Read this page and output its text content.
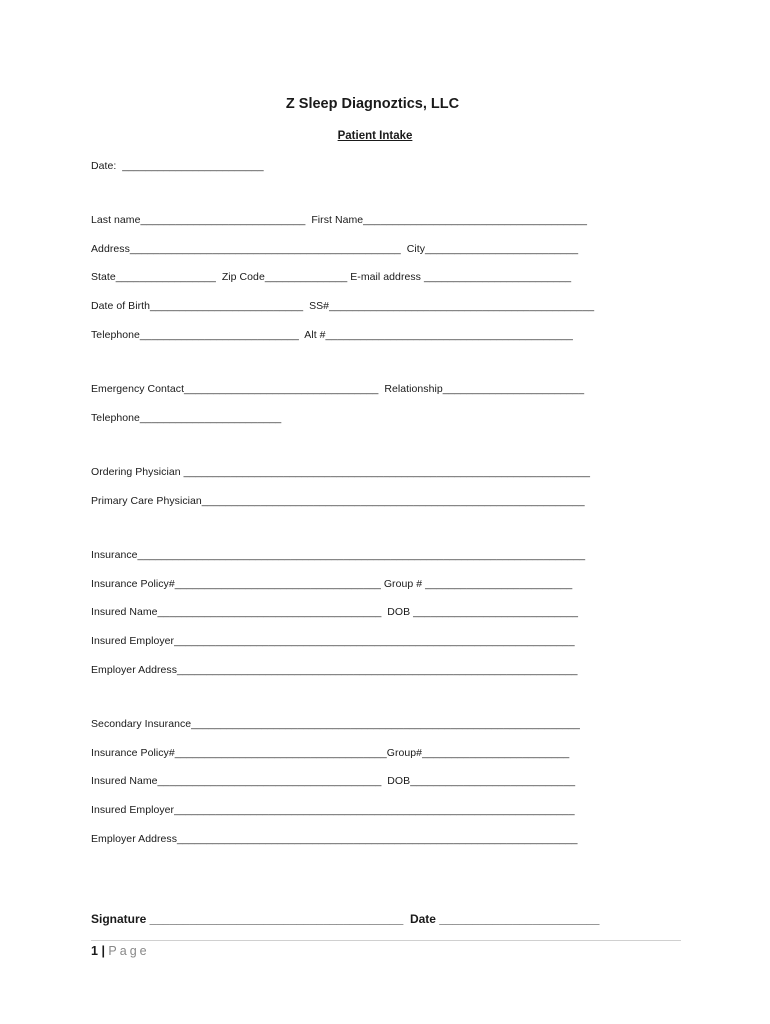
Z Sleep Diagnoztics, LLC
Patient Intake
Date:  ________________________
Last name____________________________  First Name______________________________________
Address______________________________________________  City__________________________
State_________________  Zip Code______________ E-mail address _________________________
Date of Birth__________________________  SS#_____________________________________________
Telephone___________________________  Alt #__________________________________________
Emergency Contact_________________________________  Relationship________________________
Telephone________________________
Ordering Physician _____________________________________________________________________
Primary Care Physician_________________________________________________________________
Insurance____________________________________________________________________________
Insurance Policy#___________________________________ Group # _________________________
Insured Name______________________________________  DOB ____________________________
Insured Employer____________________________________________________________________
Employer Address____________________________________________________________________
Secondary Insurance__________________________________________________________________
Insurance Policy#____________________________________Group#_________________________
Insured Name______________________________________  DOB____________________________
Insured Employer____________________________________________________________________
Employer Address____________________________________________________________________
Signature ______________________________________  Date ________________________
1 | Page
